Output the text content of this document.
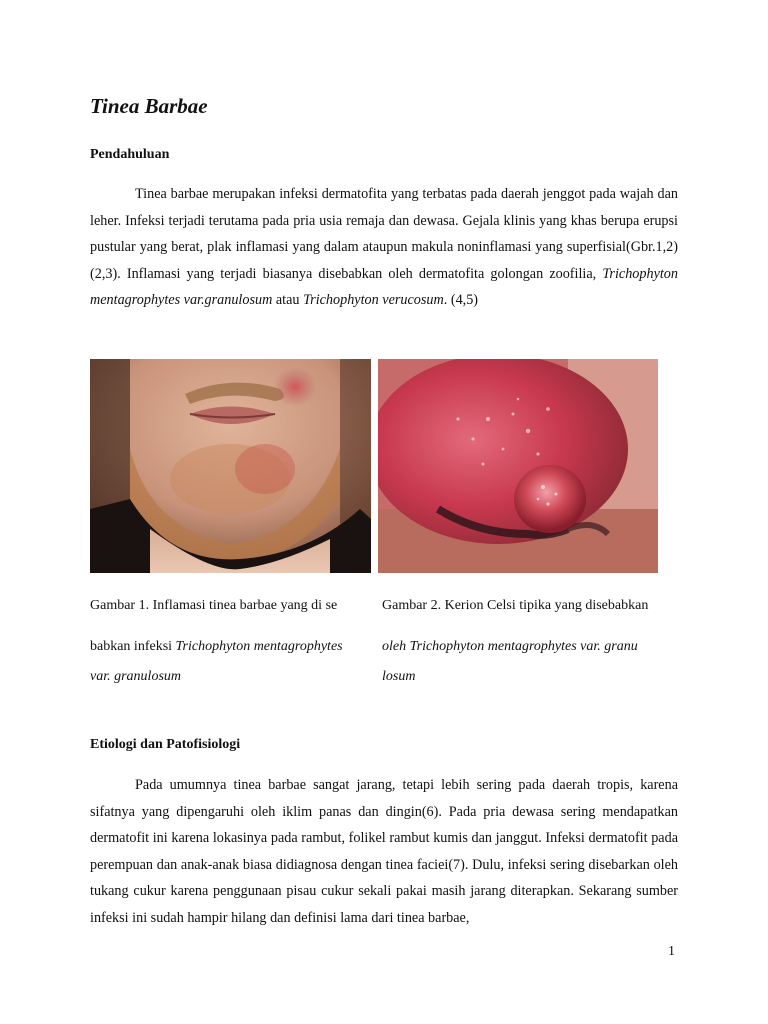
Tinea Barbae
Pendahuluan

Tinea barbae merupakan infeksi dermatofita yang terbatas pada daerah jenggot pada wajah dan leher. Infeksi terjadi terutama pada pria usia remaja dan dewasa. Gejala klinis yang khas berupa erupsi pustular yang berat, plak inflamasi yang dalam ataupun makula noninflamasi yang superfisial(Gbr.1,2)(2,3). Inflamasi yang terjadi biasanya disebabkan oleh dermatofita golongan zoofilia, Trichophyton mentagrophytes var.granulosum atau Trichophyton verucosum. (4,5)

Gambar 1. Inflamasi tinea barbae yang di se
babkan infeksi Trichophyton mentagrophytes
var. granulosum
Gambar 2. Kerion Celsi tipika yang disebabkan
oleh Trichophyton mentagrophytes var. granu
losum
Etiologi dan Patofisiologi

Pada umumnya tinea barbae sangat jarang, tetapi lebih sering pada daerah tropis, karena sifatnya yang dipengaruhi oleh iklim panas dan dingin(6). Pada pria dewasa sering mendapatkan dermatofit ini karena lokasinya pada rambut, folikel rambut kumis dan janggut. Infeksi dermatofit pada perempuan dan anak-anak biasa didiagnosa dengan tinea faciei(7). Dulu, infeksi sering disebarkan oleh tukang cukur karena penggunaan pisau cukur sekali pakai masih jarang diterapkan. Sekarang sumber infeksi ini sudah hampir hilang dan definisi lama dari tinea barbae,

1
